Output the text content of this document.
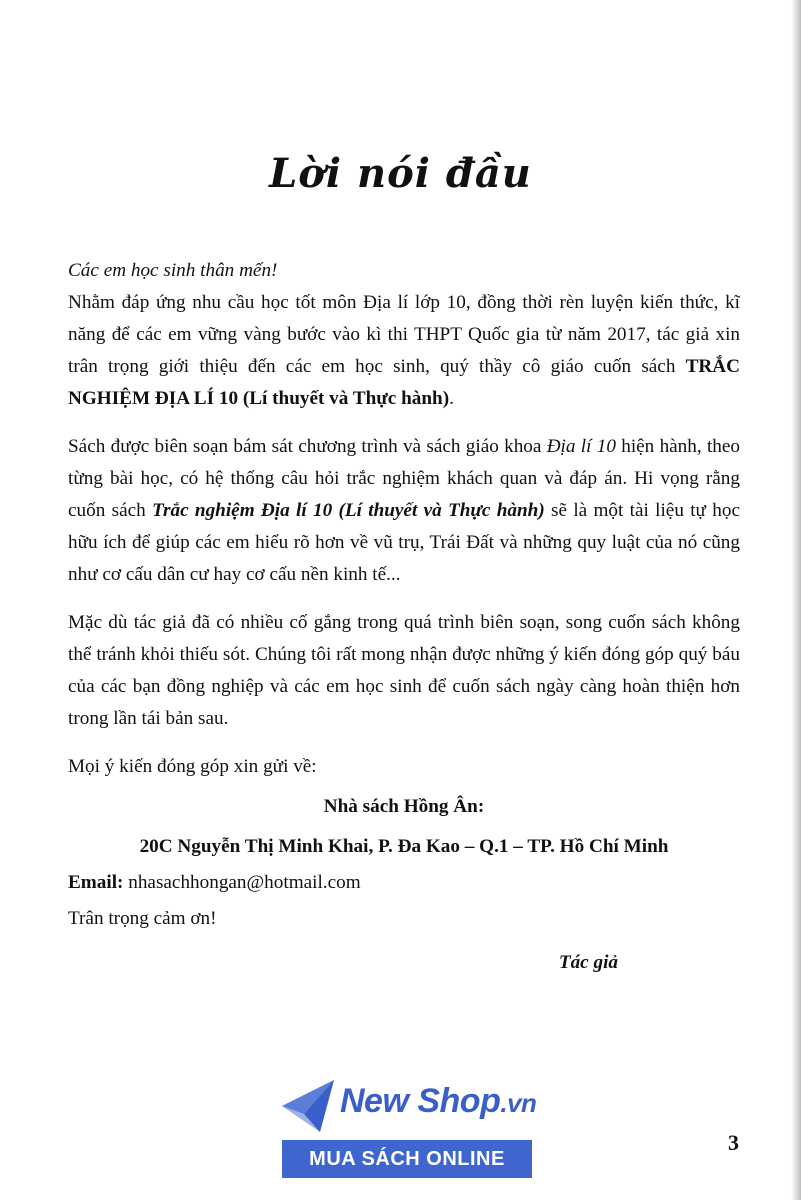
Lời nói đầu

Các em học sinh thân mến!

Nhằm đáp ứng nhu cầu học tốt môn Địa lí lớp 10, đồng thời rèn luyện kiến thức, kĩ năng để các em vững vàng bước vào kì thi THPT Quốc gia từ năm 2017, tác giả xin trân trọng giới thiệu đến các em học sinh, quý thầy cô giáo cuốn sách TRẮC NGHIỆM ĐỊA LÍ 10 (Lí thuyết và Thực hành).

Sách được biên soạn bám sát chương trình và sách giáo khoa Địa lí 10 hiện hành, theo từng bài học, có hệ thống câu hỏi trắc nghiệm khách quan và đáp án. Hi vọng rằng cuốn sách Trắc nghiệm Địa lí 10 (Lí thuyết và Thực hành) sẽ là một tài liệu tự học hữu ích để giúp các em hiểu rõ hơn về vũ trụ, Trái Đất và những quy luật của nó cũng như cơ cấu dân cư hay cơ cấu nền kinh tế...

Mặc dù tác giả đã có nhiều cố gắng trong quá trình biên soạn, song cuốn sách không thể tránh khỏi thiếu sót. Chúng tôi rất mong nhận được những ý kiến đóng góp quý báu của các bạn đồng nghiệp và các em học sinh để cuốn sách ngày càng hoàn thiện hơn trong lần tái bản sau.

Mọi ý kiến đóng góp xin gửi về:

Nhà sách Hồng Ân:

20C Nguyễn Thị Minh Khai, P. Đa Kao – Q.1 – TP. Hồ Chí Minh

Email: nhasachhongan@hotmail.com

Trân trọng cảm ơn!

Tác giả

New Shop.vn
MUA SÁCH ONLINE
3
